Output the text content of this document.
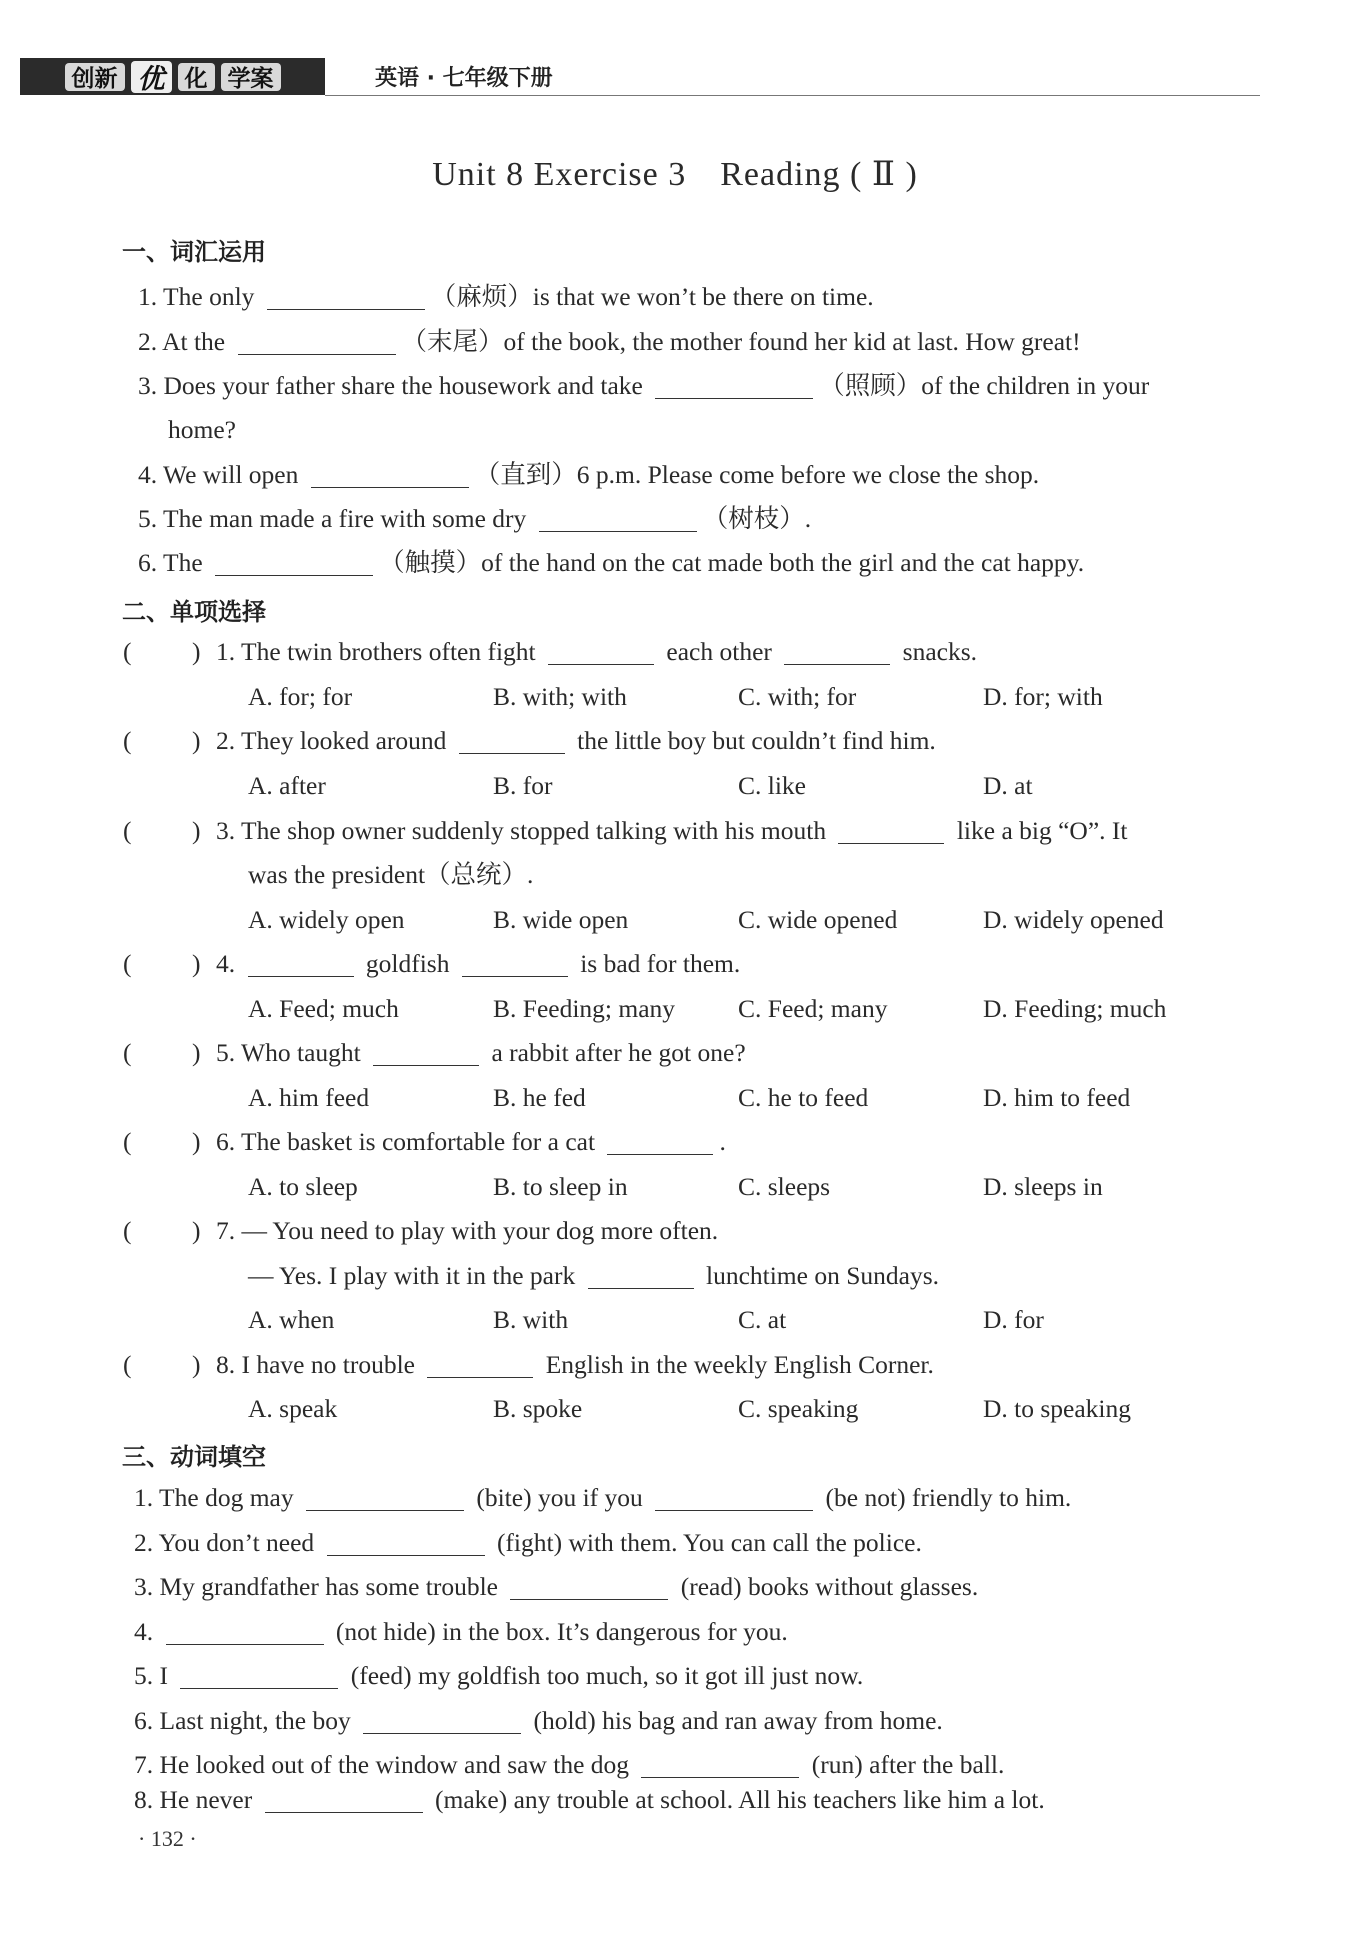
创新 优 化 学案	英语 · 七年级下册
Unit 8 Exercise 3 Reading ( Ⅱ )
一、词汇运用
1. The only	（麻烦）is that we won’t be there on time.
2. At the	（末尾）of the book, the mother found her kid at last. How great!
3. Does your father share the housework and take	（照顾）of the children in your
home?
4. We will open	（直到）6 p.m. Please come before we close the shop.
5. The man made a fire with some dry	（树枝）.
6. The	（触摸）of the hand on the cat made both the girl and the cat happy.
二、单项选择
( ) 1. The twin brothers often fight	each other	snacks.
A. for; for	B. with; with	C. with; for	D. for; with
( ) 2. They looked around	the little boy but couldn’t find him.
A. after	B. for	C. like	D. at
( ) 3. The shop owner suddenly stopped talking with his mouth	like a big “O”. It
was the president（总统）.
A. widely open	B. wide open	C. wide opened	D. widely opened
( ) 4.	goldfish	is bad for them.
A. Feed; much	B. Feeding; many C. Feed; many	D. Feeding; much
( ) 5. Who taught	a rabbit after he got one?
A. him feed	B. he fed	C. he to feed	D. him to feed
( ) 6. The basket is comfortable for a cat	.
A. to sleep	B. to sleep in	C. sleeps	D. sleeps in
( ) 7. — You need to play with your dog more often.
— Yes. I play with it in the park	lunchtime on Sundays.
A. when	B. with	C. at	D. for
( ) 8. I have no trouble	English in the weekly English Corner.
A. speak	B. spoke	C. speaking	D. to speaking
三、动词填空
1. The dog may	(bite) you if you	(be not) friendly to him.
2. You don’t need	(fight) with them. You can call the police.
3. My grandfather has some trouble	(read) books without glasses.
4.	(not hide) in the box. It’s dangerous for you.
5. I	(feed) my goldfish too much, so it got ill just now.
6. Last night, the boy	(hold) his bag and ran away from home.
7. He looked out of the window and saw the dog	(run) after the ball.
8. He never	(make) any trouble at school. All his teachers like him a lot.
· 132 ·
